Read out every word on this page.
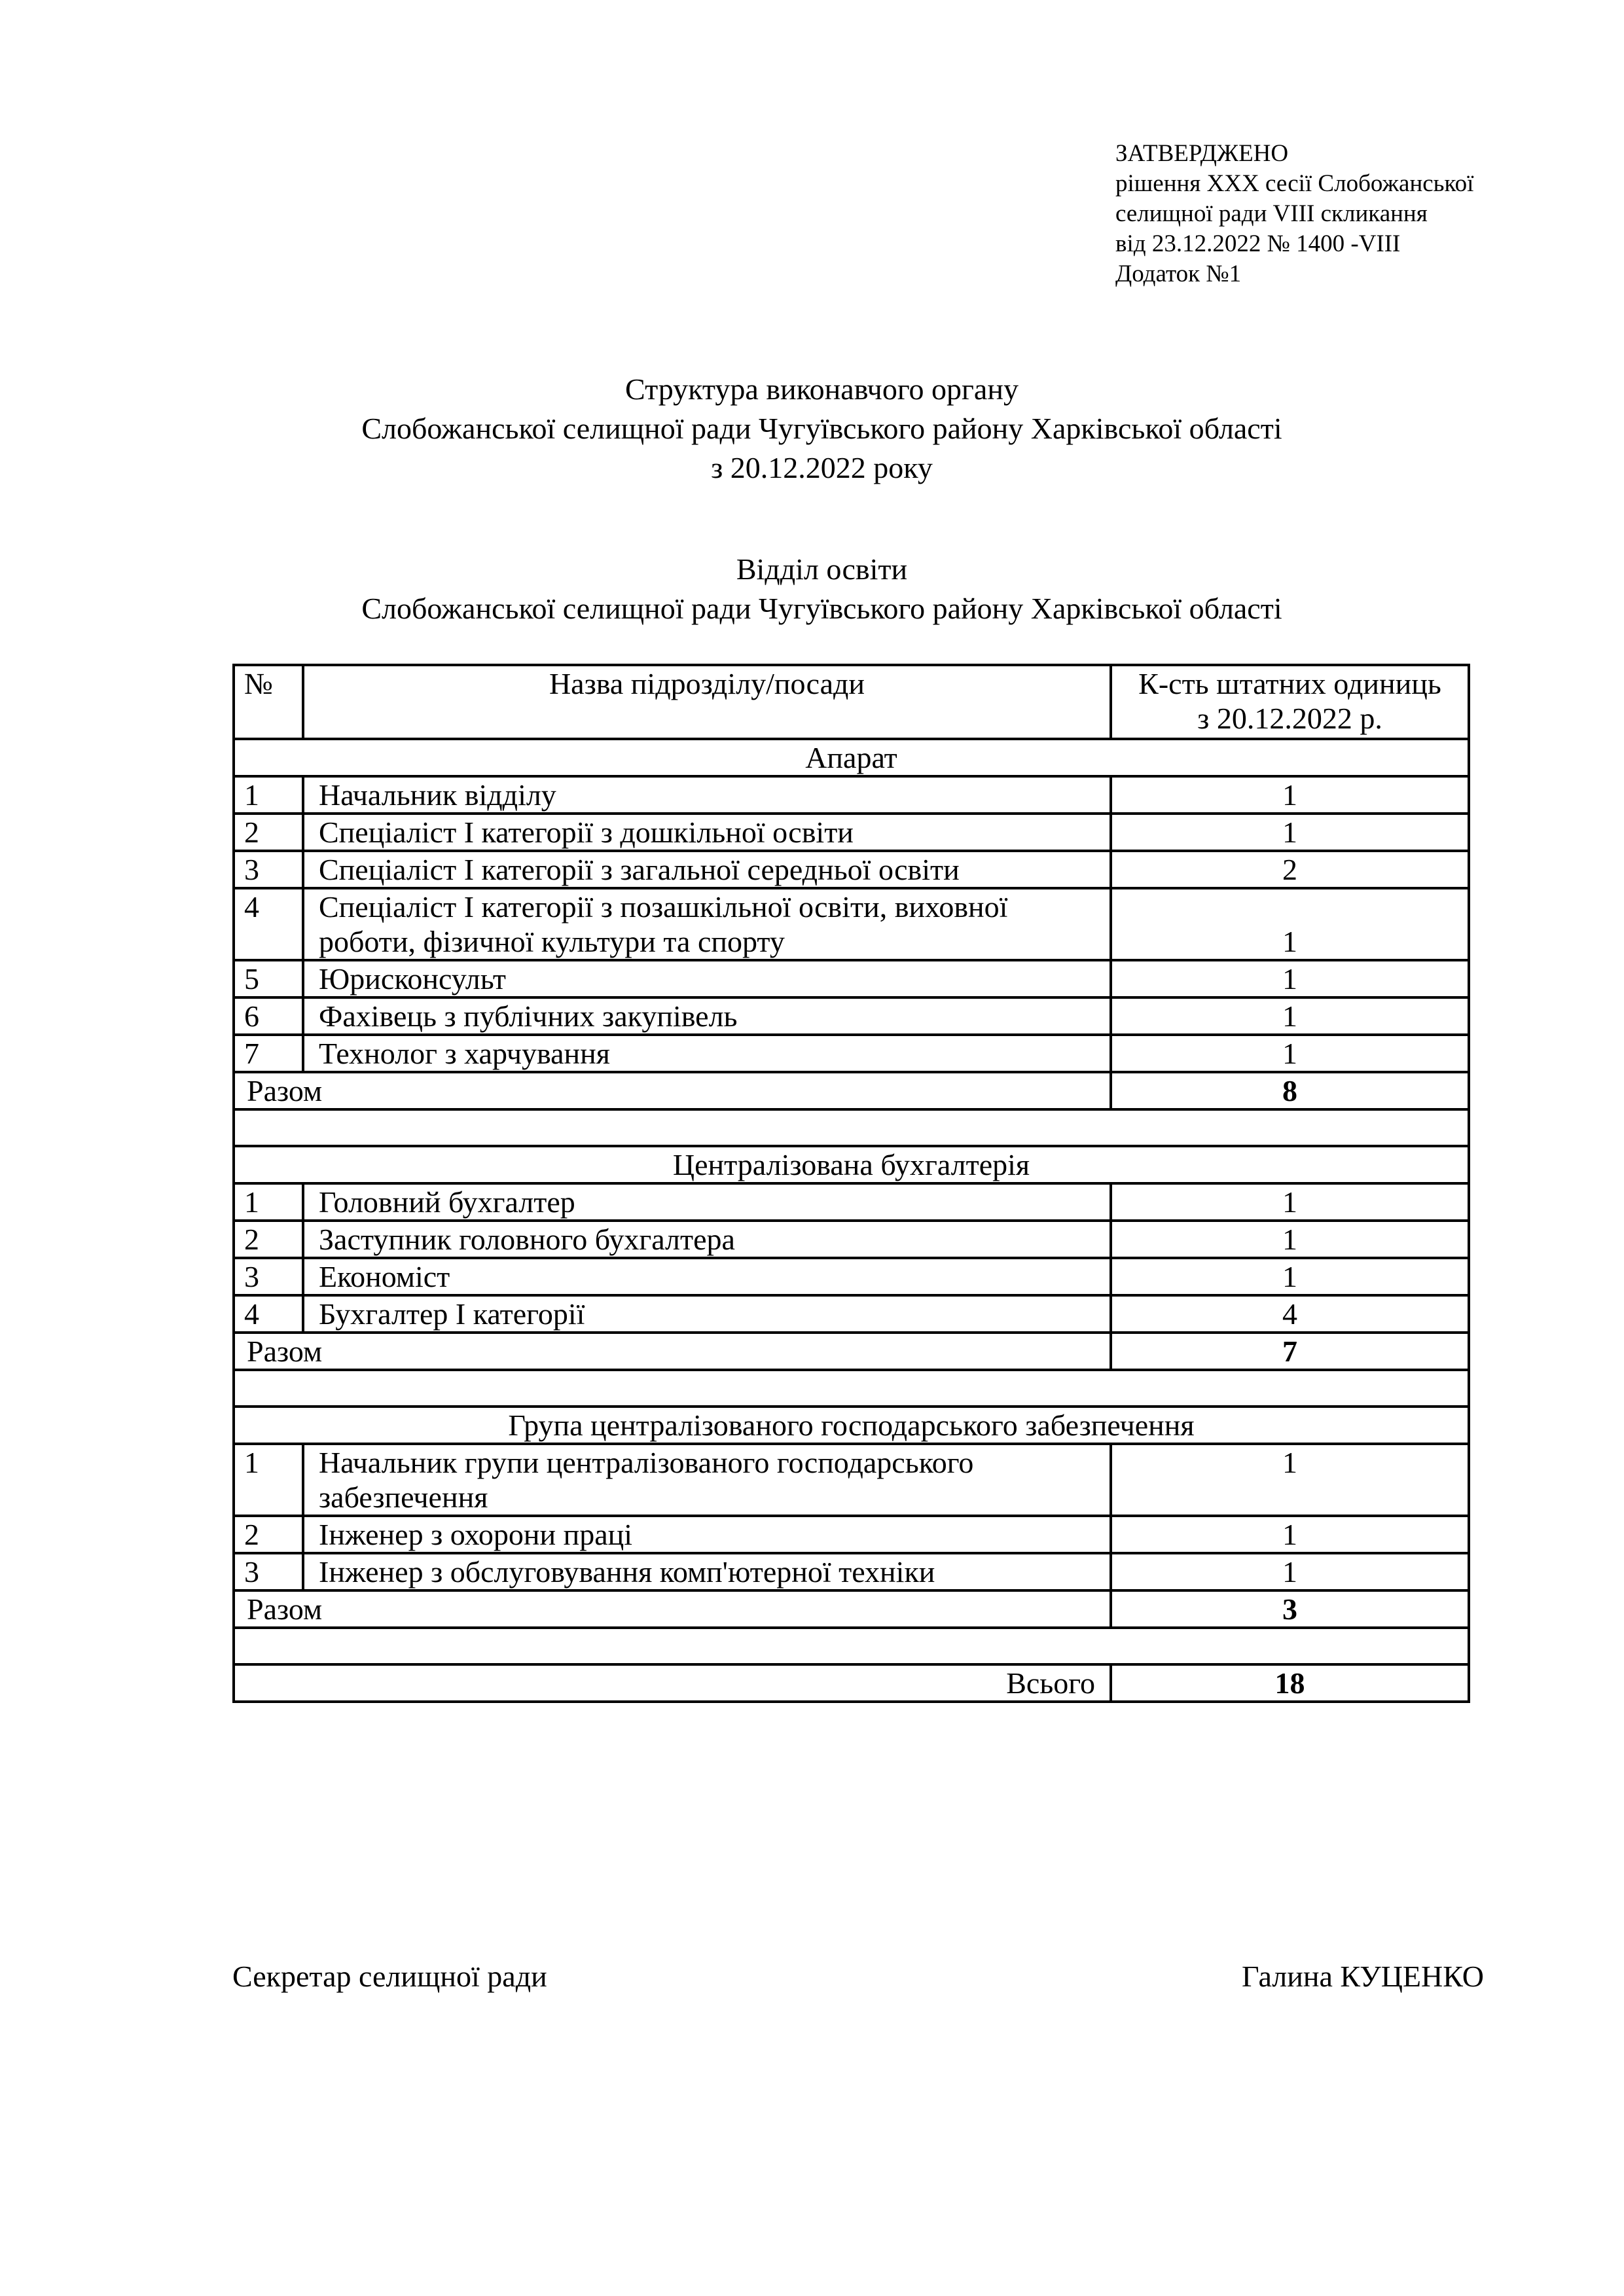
ЗАТВЕРДЖЕНО
рішення XXX сесії Слобожанської
селищної ради VIII скликання
від 23.12.2022 № 1400 -VIII
Додаток №1
Структура виконавчого органу
Слобожанської селищної ради Чугуївського району Харківської області
з 20.12.2022 року
Відділ освіти
Слобожанської селищної ради Чугуївського району Харківської області
№	Назва підрозділу/посади	К-сть штатних одиниць
з 20.12.2022 р.

Апарат		
1	Начальник відділу	1
2	Спеціаліст І категорії з дошкільної освіти	1
3	Спеціаліст І категорії з загальної середньої освіти	2
4	Спеціаліст І категорії з позашкільної освіти, виховної
роботи, фізичної культури та спорту	1
5	Юрисконсульт	1
6	Фахівець з публічних закупівель	1
7	Технолог з харчування	1
Разом		8

Централізована бухгалтерія		
1	Головний бухгалтер	1
2	Заступник головного бухгалтера	1
3	Економіст	1
4	Бухгалтер І категорії	4
Разом		7

Група централізованого господарського забезпечення		
1	Начальник групи централізованого господарського
забезпечення	1
2	Інженер з охорони праці	1
3	Інженер з обслуговування комп'ютерної техніки	1
Разом		3

Всього		18
Секретар селищної ради	Галина КУЦЕНКО
